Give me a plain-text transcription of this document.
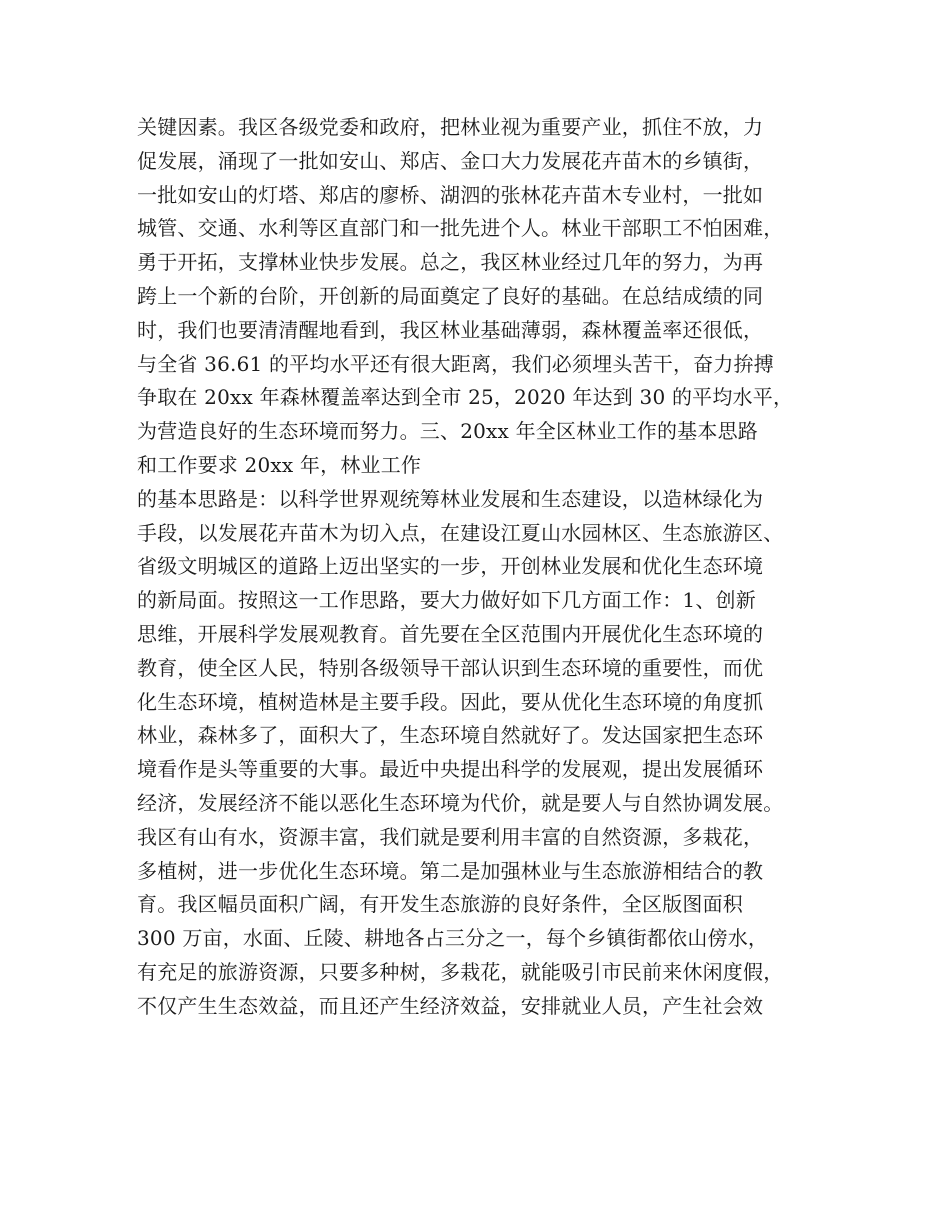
关键因素。我区各级党委和政府，把林业视为重要产业，抓住不放，力
促发展，涌现了一批如安山、郑店、金口大力发展花卉苗木的乡镇街，
一批如安山的灯塔、郑店的廖桥、湖泗的张林花卉苗木专业村，一批如
城管、交通、水利等区直部门和一批先进个人。林业干部职工不怕困难，
勇于开拓，支撑林业快步发展。总之，我区林业经过几年的努力，为再
跨上一个新的台阶，开创新的局面奠定了良好的基础。在总结成绩的同
时，我们也要清清醒地看到，我区林业基础薄弱，森林覆盖率还很低，
与全省 36.61 的平均水平还有很大距离，我们必须埋头苦干，奋力拚搏
争取在 20xx 年森林覆盖率达到全市 25，2020 年达到 30 的平均水平，
为营造良好的生态环境而努力。三、20xx 年全区林业工作的基本思路
和工作要求 20xx 年，林业工作
的基本思路是：以科学世界观统筹林业发展和生态建设，以造林绿化为
手段，以发展花卉苗木为切入点，在建设江夏山水园林区、生态旅游区、
省级文明城区的道路上迈出坚实的一步，开创林业发展和优化生态环境
的新局面。按照这一工作思路，要大力做好如下几方面工作：1、创新
思维，开展科学发展观教育。首先要在全区范围内开展优化生态环境的
教育，使全区人民，特别各级领导干部认识到生态环境的重要性，而优
化生态环境，植树造林是主要手段。因此，要从优化生态环境的角度抓
林业，森林多了，面积大了，生态环境自然就好了。发达国家把生态环
境看作是头等重要的大事。最近中央提出科学的发展观，提出发展循环
经济，发展经济不能以恶化生态环境为代价，就是要人与自然协调发展。
我区有山有水，资源丰富，我们就是要利用丰富的自然资源，多栽花，
多植树，进一步优化生态环境。第二是加强林业与生态旅游相结合的教
育。我区幅员面积广阔，有开发生态旅游的良好条件，全区版图面积
300 万亩，水面、丘陵、耕地各占三分之一，每个乡镇街都依山傍水，
有充足的旅游资源，只要多种树，多栽花，就能吸引市民前来休闲度假，
不仅产生生态效益，而且还产生经济效益，安排就业人员，产生社会效
